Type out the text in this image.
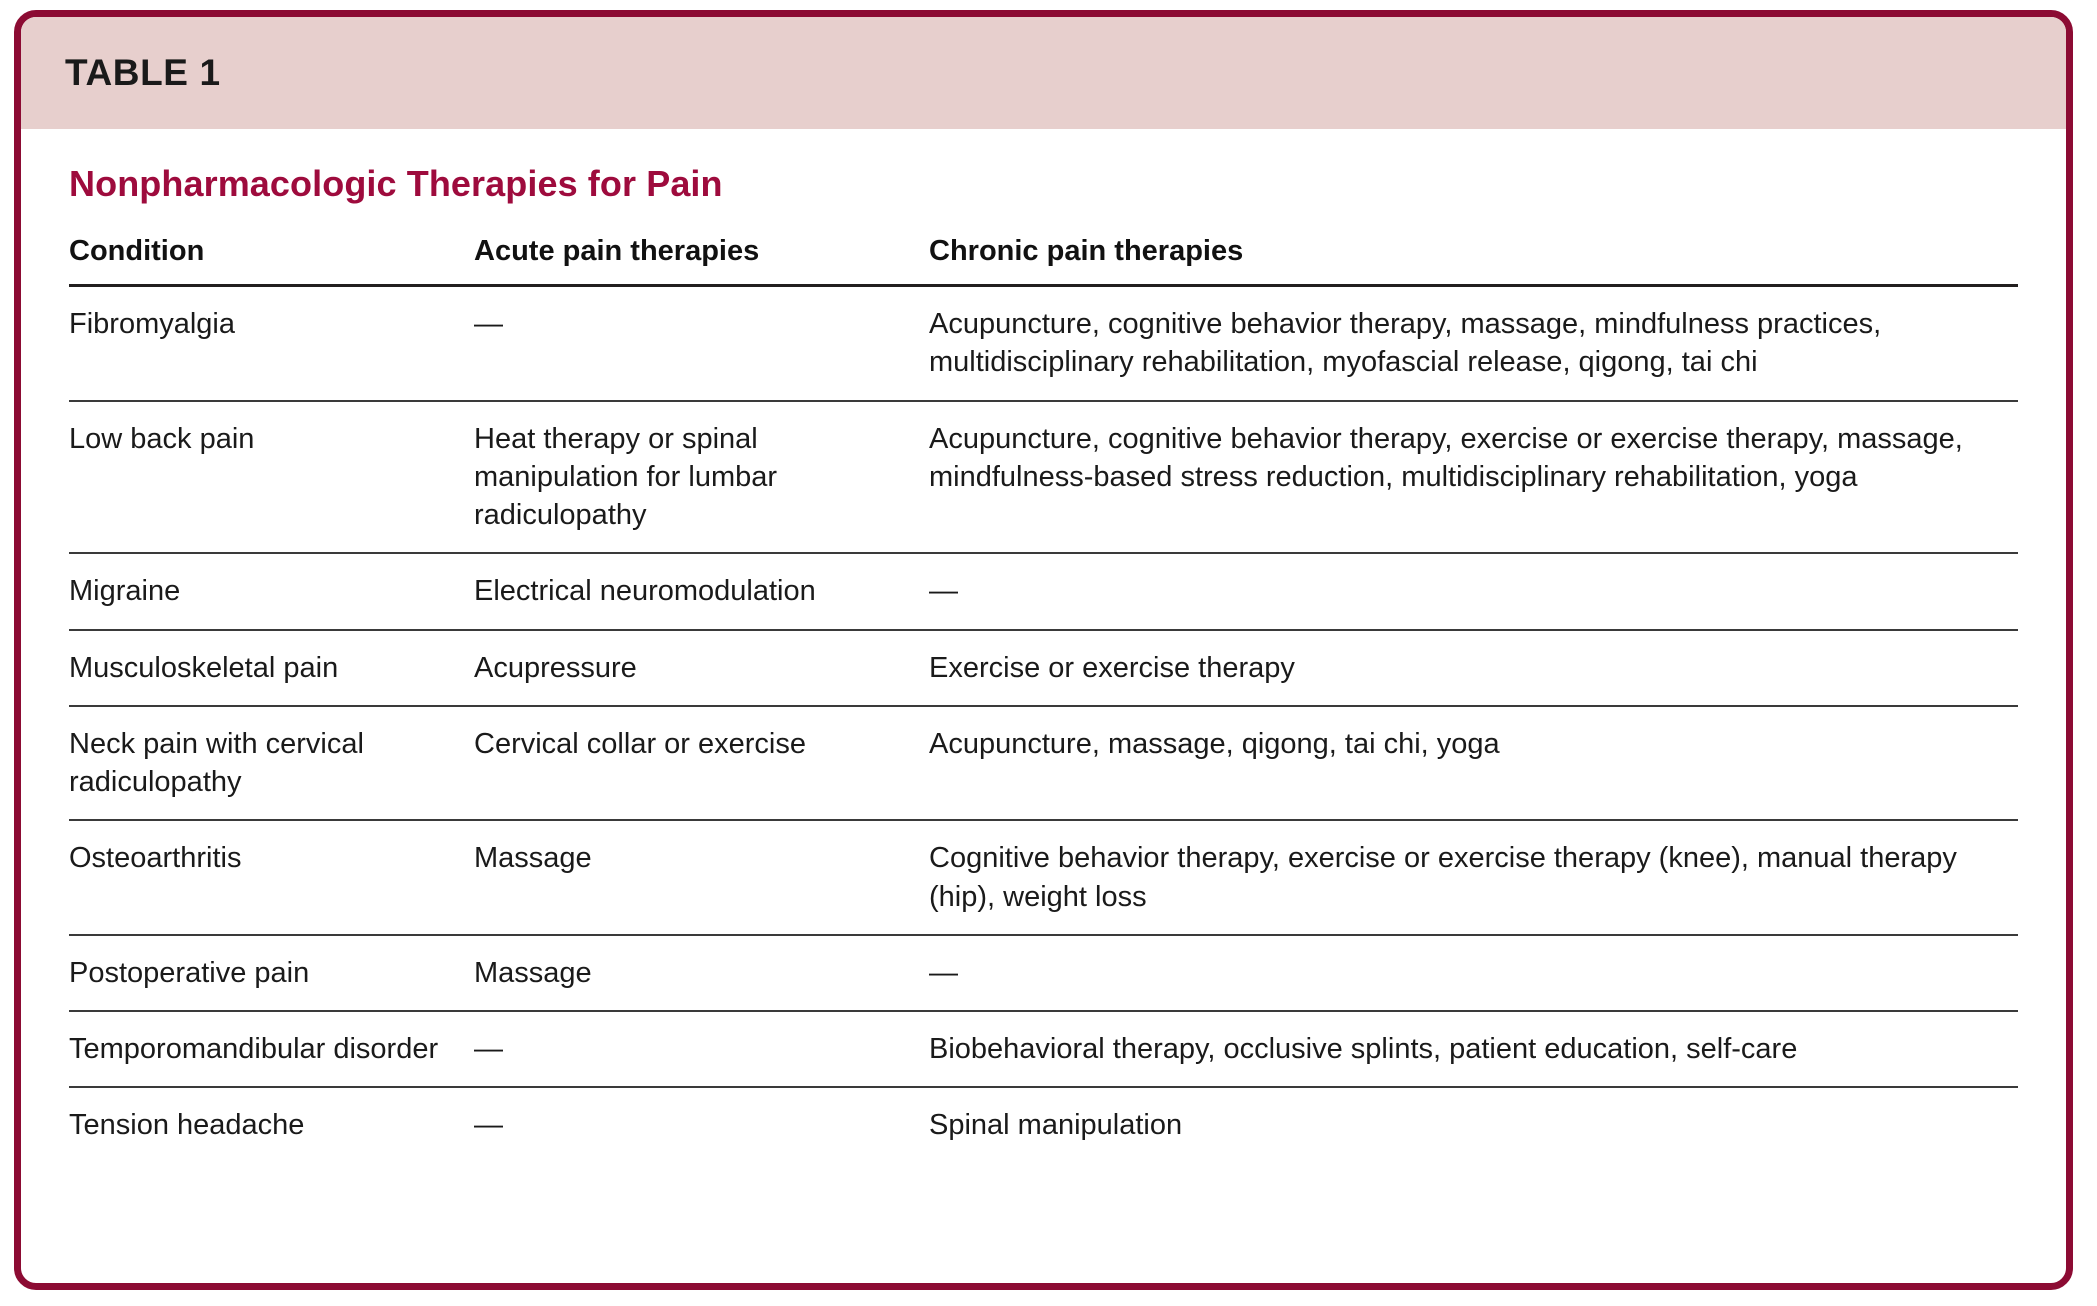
TABLE 1
Nonpharmacologic Therapies for Pain
Condition	Acute pain therapies	Chronic pain therapies
Fibromyalgia	—	Acupuncture, cognitive behavior therapy, massage, mindfulness practices, multidisciplinary rehabilitation, myofascial release, qigong, tai chi
Low back pain	Heat therapy or spinal manipulation for lumbar radiculopathy	Acupuncture, cognitive behavior therapy, exercise or exercise therapy, massage, mindfulness-based stress reduction, multidisciplinary rehabilitation, yoga
Migraine	Electrical neuromodulation	—
Musculoskeletal pain	Acupressure	Exercise or exercise therapy
Neck pain with cervical radiculopathy	Cervical collar or exercise	Acupuncture, massage, qigong, tai chi, yoga
Osteoarthritis	Massage	Cognitive behavior therapy, exercise or exercise therapy (knee), manual therapy (hip), weight loss
Postoperative pain	Massage	—
Temporomandibular disorder	—	Biobehavioral therapy, occlusive splints, patient education, self-care
Tension headache	—	Spinal manipulation
